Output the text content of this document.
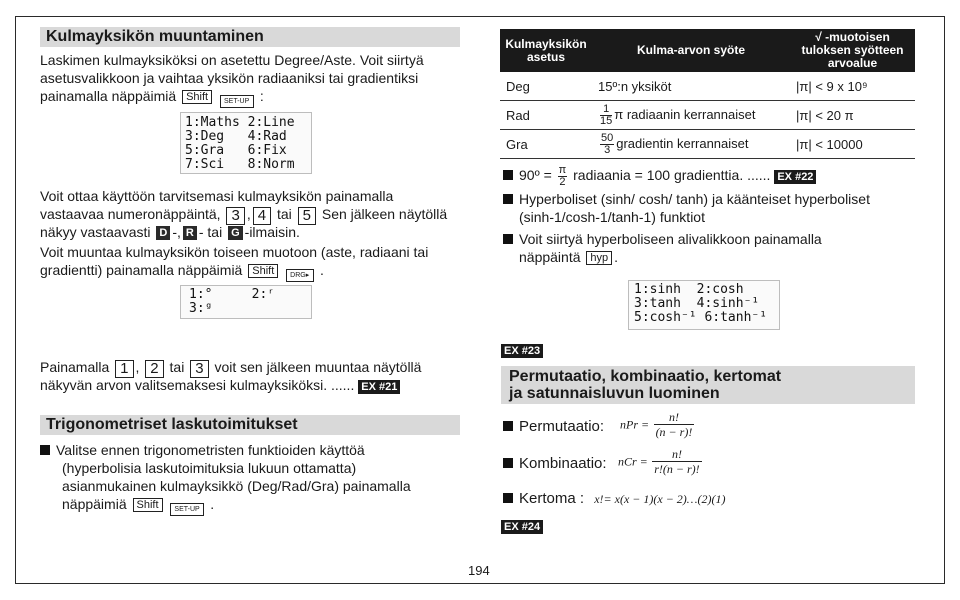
Kulmayksikön muuntaminen
Laskimen kulmayksiköksi on asetettu Degree/Aste. Voit siirtyä
asetusvalikkoon ja vaihtaa yksikön radiaaniksi tai gradientiksi
painamalla näppäimiä Shift SET-UP :
1:Maths 2:Line
3:Deg   4:Rad
5:Gra   6:Fix
7:Sci   8:Norm
Voit ottaa käyttöön tarvitsemasi kulmayksikön painamalla
vastaavaa numeronäppäintä, 3 , 4 tai 5 Sen jälkeen näytöllä
näkyy vastaavasti D -, R - tai G -ilmaisin.
Voit muuntaa kulmayksikön toiseen muotoon (aste, radiaani tai
gradientti) painamalla näppäimiä Shift DRG▸ .
1:°     2:ʳ
3:ᵍ
Painamalla 1 , 2 tai 3 voit sen jälkeen muuntaa näytöllä
näkyvän arvon valitsemaksesi kulmayksiköksi. ...... EX #21
Trigonometriset laskutoimitukset
Valitse ennen trigonometristen funktioiden käyttöä
(hyperbolisia laskutoimituksia lukuun ottamatta)
asianmukainen kulmayksikkö (Deg/Rad/Gra) painamalla
näppäimiä Shift SET-UP .
Kulmayksikön asetus	Kulma-arvon syöte	√ -muotoisen tuloksen syötteen arvoalue
Deg	15º:n yksiköt	|π| < 9 x 10⁹
Rad	$\frac{1}{15}$ π radiaanin kerrannaiset	|π| < 20 π
Gra	$\frac{50}{3}$ gradientin kerrannaiset	|π| < 10000
90º = $\frac{\pi}{2}$ radiaania = 100 gradienttia. ...... EX #22
Hyperboliset (sinh/ cosh/ tanh) ja käänteiset hyperboliset
(sinh-1/cosh-1/tanh-1) funktiot
Voit siirtyä hyperboliseen alivalikkoon painamalla
näppäintä hyp .
1:sinh  2:cosh
3:tanh  4:sinh⁻¹
5:cosh⁻¹ 6:tanh⁻¹
EX #23
Permutaatio, kombinaatio, kertomat
ja satunnaisluvun luominen
Permutaatio: nPr = $\frac{n!}{(n - r)!}$
Kombinaatio: nCr = $\frac{n!}{r!(n - r)!}$
Kertoma : x!= x(x − 1)(x − 2)…(2)(1)
EX #24
194
